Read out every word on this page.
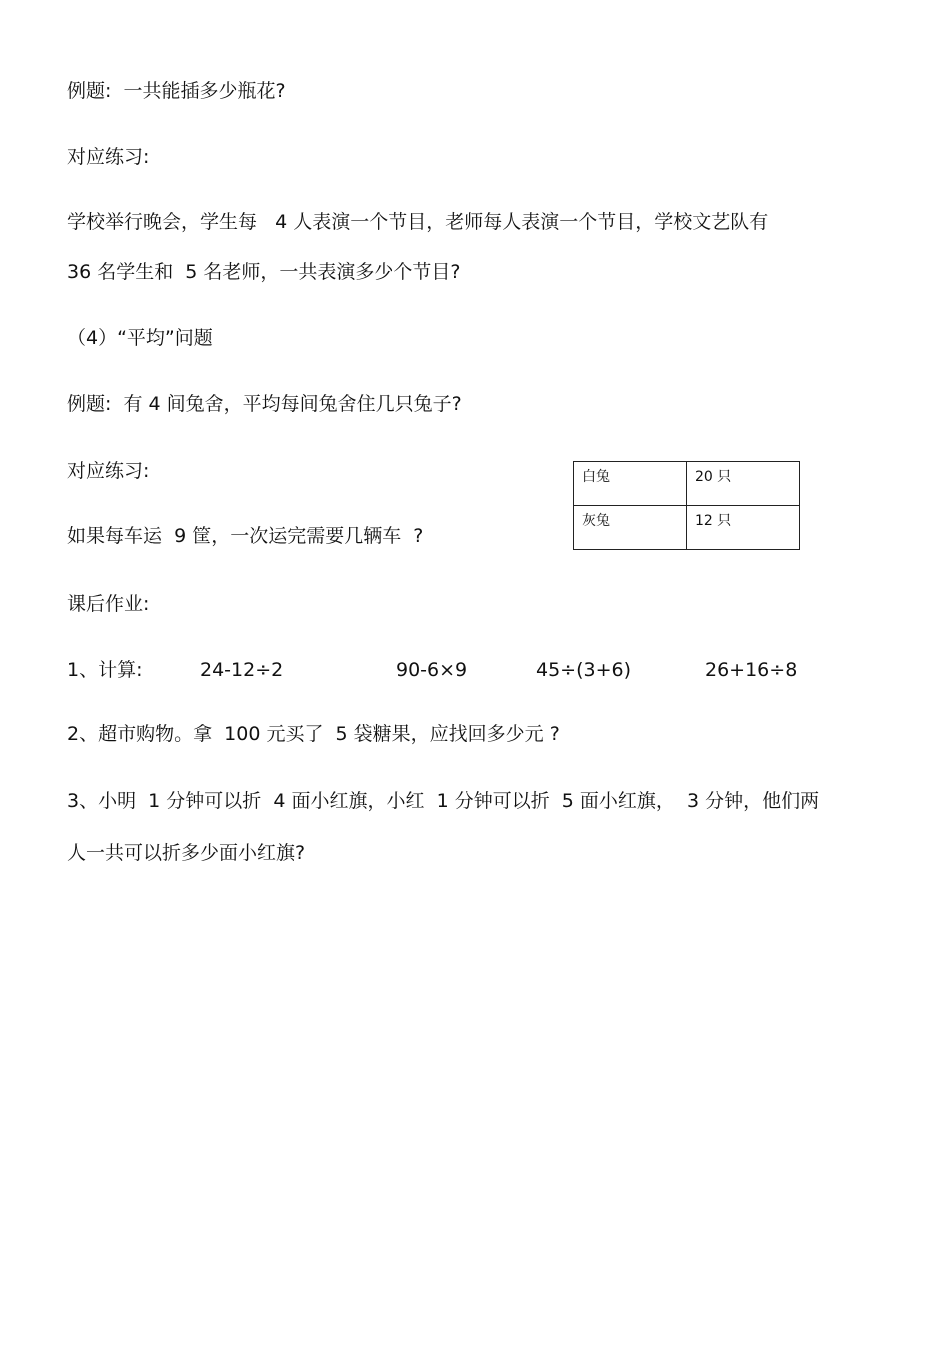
例题:  一共能插多少瓶花?
对应练习:
学校举行晚会，学生每   4 人表演一个节目，老师每人表演一个节目，学校文艺队有
36 名学生和  5 名老师，一共表演多少个节目?
（4）“平均”问题
例题:  有 4 间兔舍，平均每间兔舍住几只兔子?
对应练习:
如果每车运  9 筐，一次运完需要几辆车  ?
白兔	20 只
灰兔	12 只
课后作业:
1、计算:	24-12÷2	90-6×9	45÷(3+6)	26+16÷8
2、超市购物。拿  100 元买了  5 袋糖果，应找回多少元 ?
3、小明  1 分钟可以折  4 面小红旗，小红  1 分钟可以折  5 面小红旗，  3 分钟，他们两
人一共可以折多少面小红旗?
